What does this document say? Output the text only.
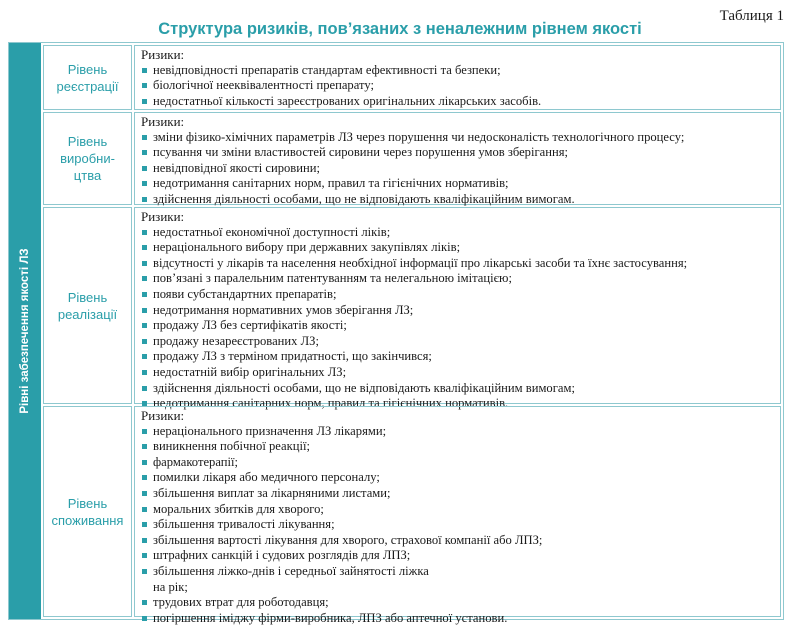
Таблиця 1
Структура ризиків, пов’язаних з неналежним рівнем якості
Рівні забезпечення якості ЛЗ
Рівень
реєстрації
Ризики:
невідповідності препаратів стандартам ефективності та безпеки;
біологічної нееквівалентності препарату;
недостатньої кількості зареєстрованих оригінальних лікарських засобів.
Рівень
виробни-
цтва
Ризики:
зміни фізико-хімічних параметрів ЛЗ через порушення чи недосконалість технологічного процесу;
псування чи зміни властивостей сировини через порушення умов зберігання;
невідповідної якості сировини;
недотримання санітарних норм, правил та гігієнічних нормативів;
здійснення діяльності особами, що не відповідають кваліфікаційним вимогам.
Рівень
реалізації
Ризики:
недостатньої економічної доступності ліків;
нераціонального вибору при державних закупівлях ліків;
відсутності у лікарів та населення необхідної інформації про лікарські засоби та їхнє застосування;
пов’язані з паралельним патентуванням та нелегальною імітацією;
появи субстандартних препаратів;
недотримання нормативних умов зберігання ЛЗ;
продажу ЛЗ без сертифікатів якості;
продажу незареєстрованих ЛЗ;
продажу ЛЗ з терміном придатності, що закінчився;
недостатній вибір оригінальних ЛЗ;
здійснення діяльності особами, що не відповідають кваліфікаційним вимогам;
недотримання санітарних норм, правил та гігієнічних нормативів.
Рівень
споживання
Ризики:
нераціонального призначення ЛЗ лікарями;
виникнення побічної реакції;
фармакотерапії;
помилки лікаря або медичного персоналу;
збільшення виплат за лікарняними листами;
моральних збитків для хворого;
збільшення тривалості лікування;
збільшення вартості лікування для хворого, страхової компанії або ЛПЗ;
штрафних санкцій і судових розглядів для ЛПЗ;
збільшення ліжко-днів і середньої зайнятості ліжка
на рік;
трудових втрат для роботодавця;
погіршення іміджу фірми-виробника, ЛПЗ або аптечної установи.
